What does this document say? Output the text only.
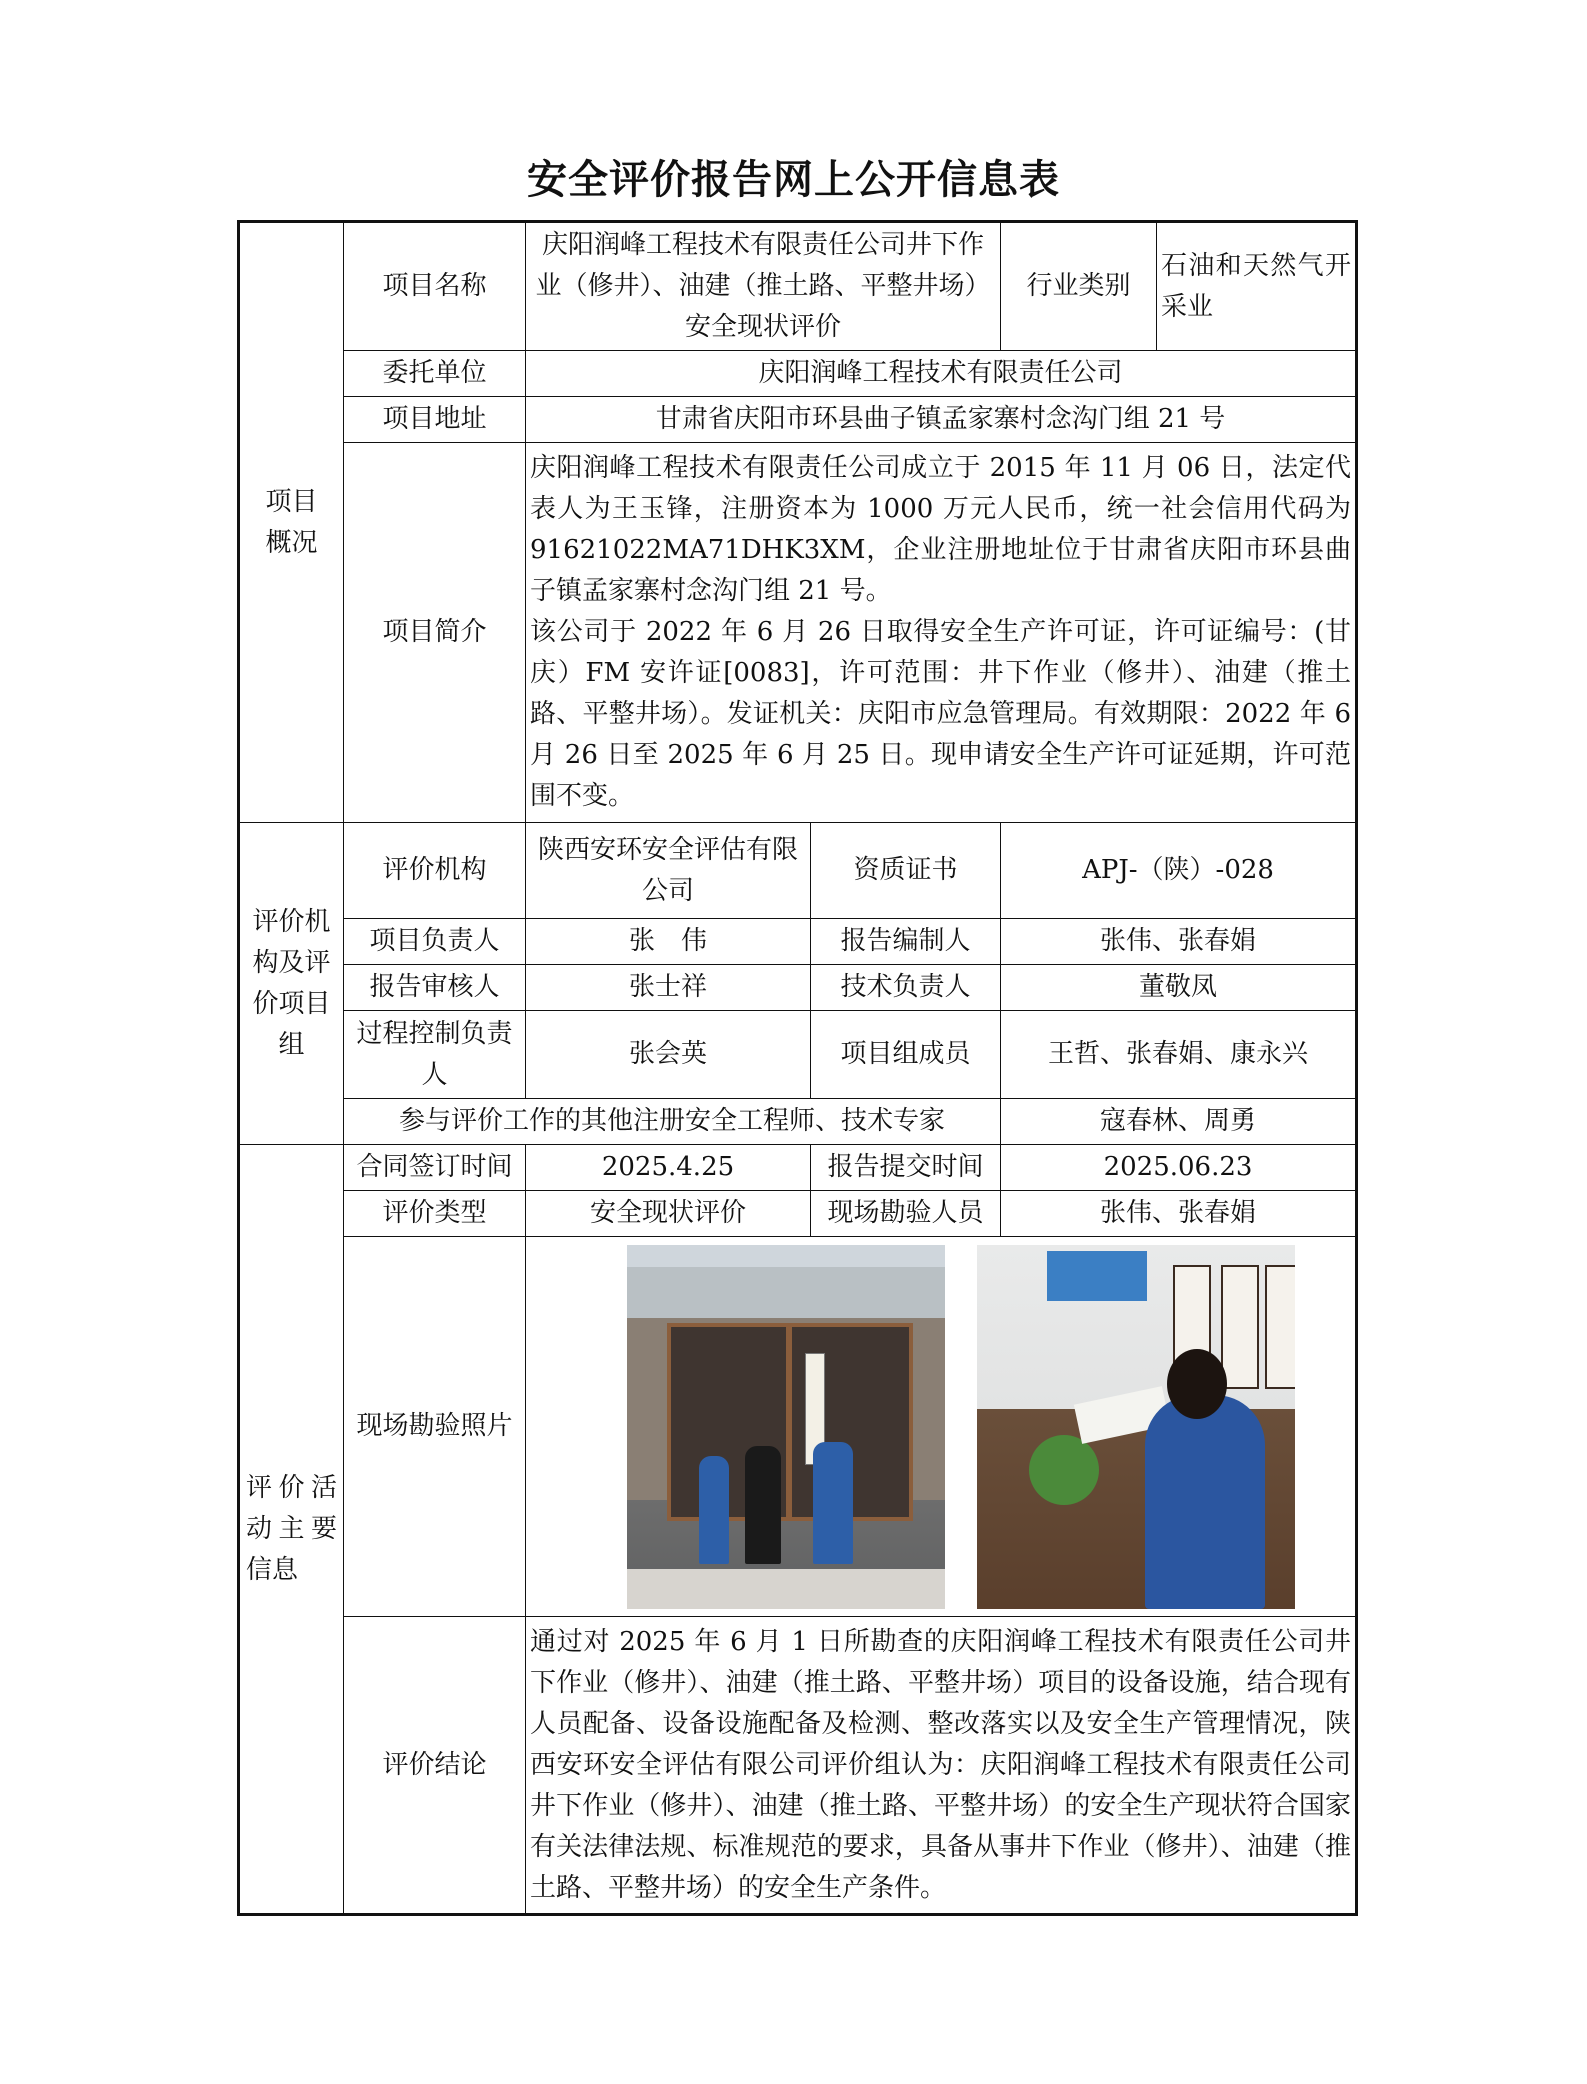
安全评价报告网上公开信息表
项目
概况	项目名称	庆阳润峰工程技术有限责任公司井下作业（修井）、油建（推土路、平整井场）安全现状评价		行业类别	石油和天然气开采业
	委托单位	庆阳润峰工程技术有限责任公司			
	项目地址	甘肃省庆阳市环县曲子镇孟家寨村念沟门组 21 号			
	项目简介	庆阳润峰工程技术有限责任公司成立于 2015 年 11 月 06 日，法定代表人为王玉锋，注册资本为 1000 万元人民币，统一社会信用代码为 91621022MA71DHK3XM，企业注册地址位于甘肃省庆阳市环县曲子镇孟家寨村念沟门组 21 号。
该公司于 2022 年 6 月 26 日取得安全生产许可证，许可证编号：(甘庆）FM 安许证[0083]，许可范围：井下作业（修井）、油建（推土路、平整井场）。发证机关：庆阳市应急管理局。有效期限：2022 年 6 月 26 日至 2025 年 6 月 25 日。现申请安全生产许可证延期，许可范围不变。			

评价机构及评价项目组	评价机构	陕西安环安全评估有限公司	资质证书	APJ-（陕）-028	
	项目负责人	张　伟	报告编制人	张伟、张春娟	
	报告审核人	张士祥	技术负责人	董敬凤	
	过程控制负责人	张会英	项目组成员	王哲、张春娟、康永兴	
	参与评价工作的其他注册安全工程师、技术专家			寇春林、周勇	
评价活动主要信息	合同签订时间	2025.4.25	报告提交时间	2025.06.23	
	评价类型	安全现状评价	现场勘验人员	张伟、张春娟	
	现场勘验照片				

	评价结论	通过对 2025 年 6 月 1 日所勘查的庆阳润峰工程技术有限责任公司井下作业（修井）、油建（推土路、平整井场）项目的设备设施，结合现有人员配备、设备设施配备及检测、整改落实以及安全生产管理情况，陕西安环安全评估有限公司评价组认为：庆阳润峰工程技术有限责任公司井下作业（修井）、油建（推土路、平整井场）的安全生产现状符合国家有关法律法规、标准规范的要求，具备从事井下作业（修井）、油建（推土路、平整井场）的安全生产条件。			
